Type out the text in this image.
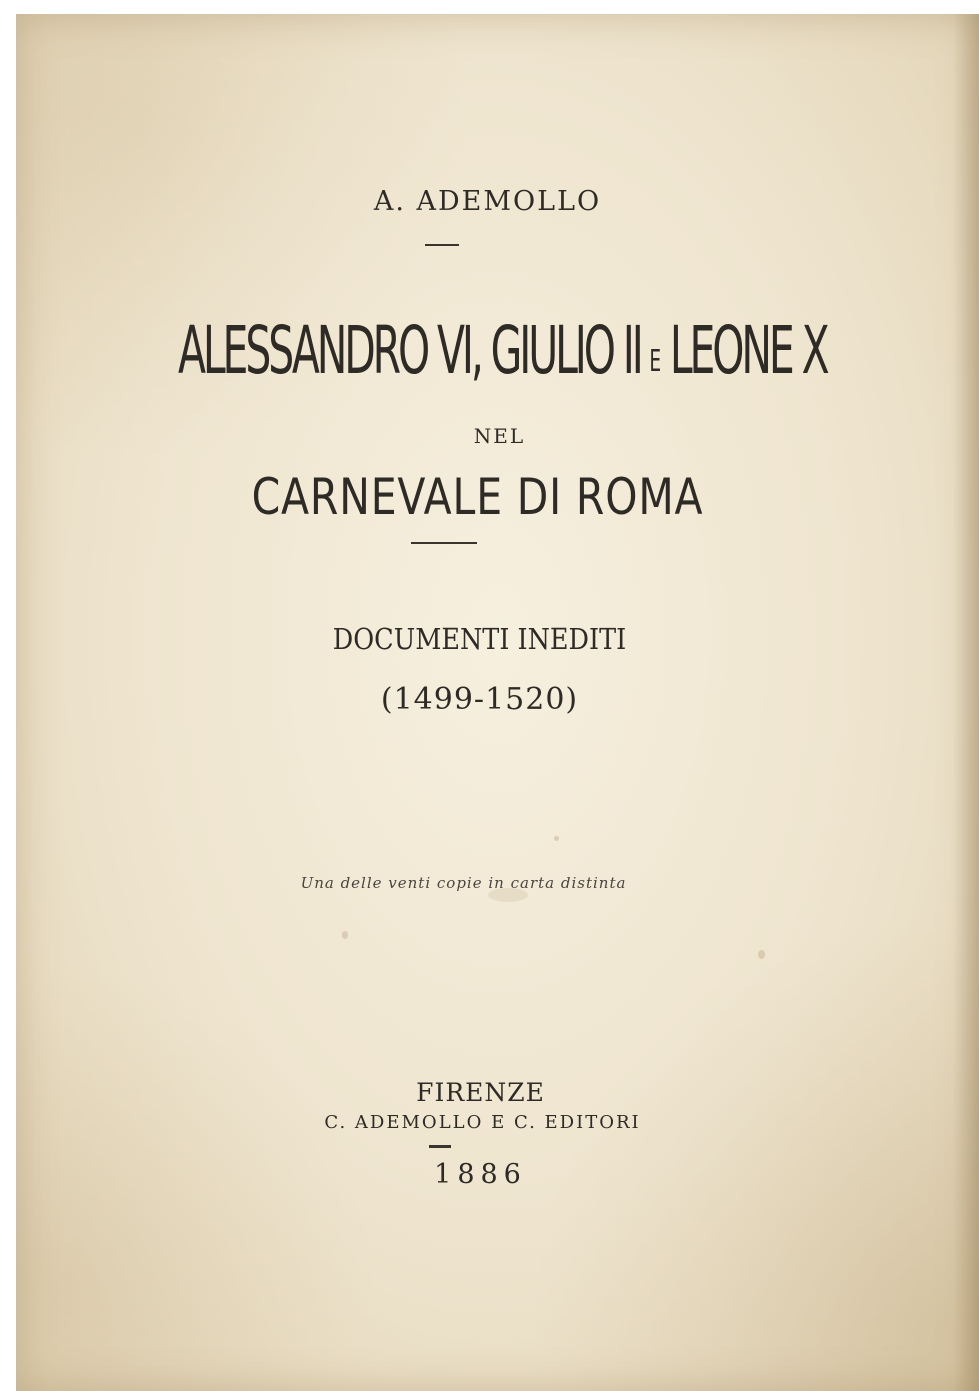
A. ADEMOLLO
ALESSANDRO VI, GIULIO II E LEONE X
NEL
CARNEVALE DI ROMA
DOCUMENTI INEDITI
(1499-1520)
Una delle venti copie in carta distinta
FIRENZE
C. ADEMOLLO E C. EDITORI
1886
